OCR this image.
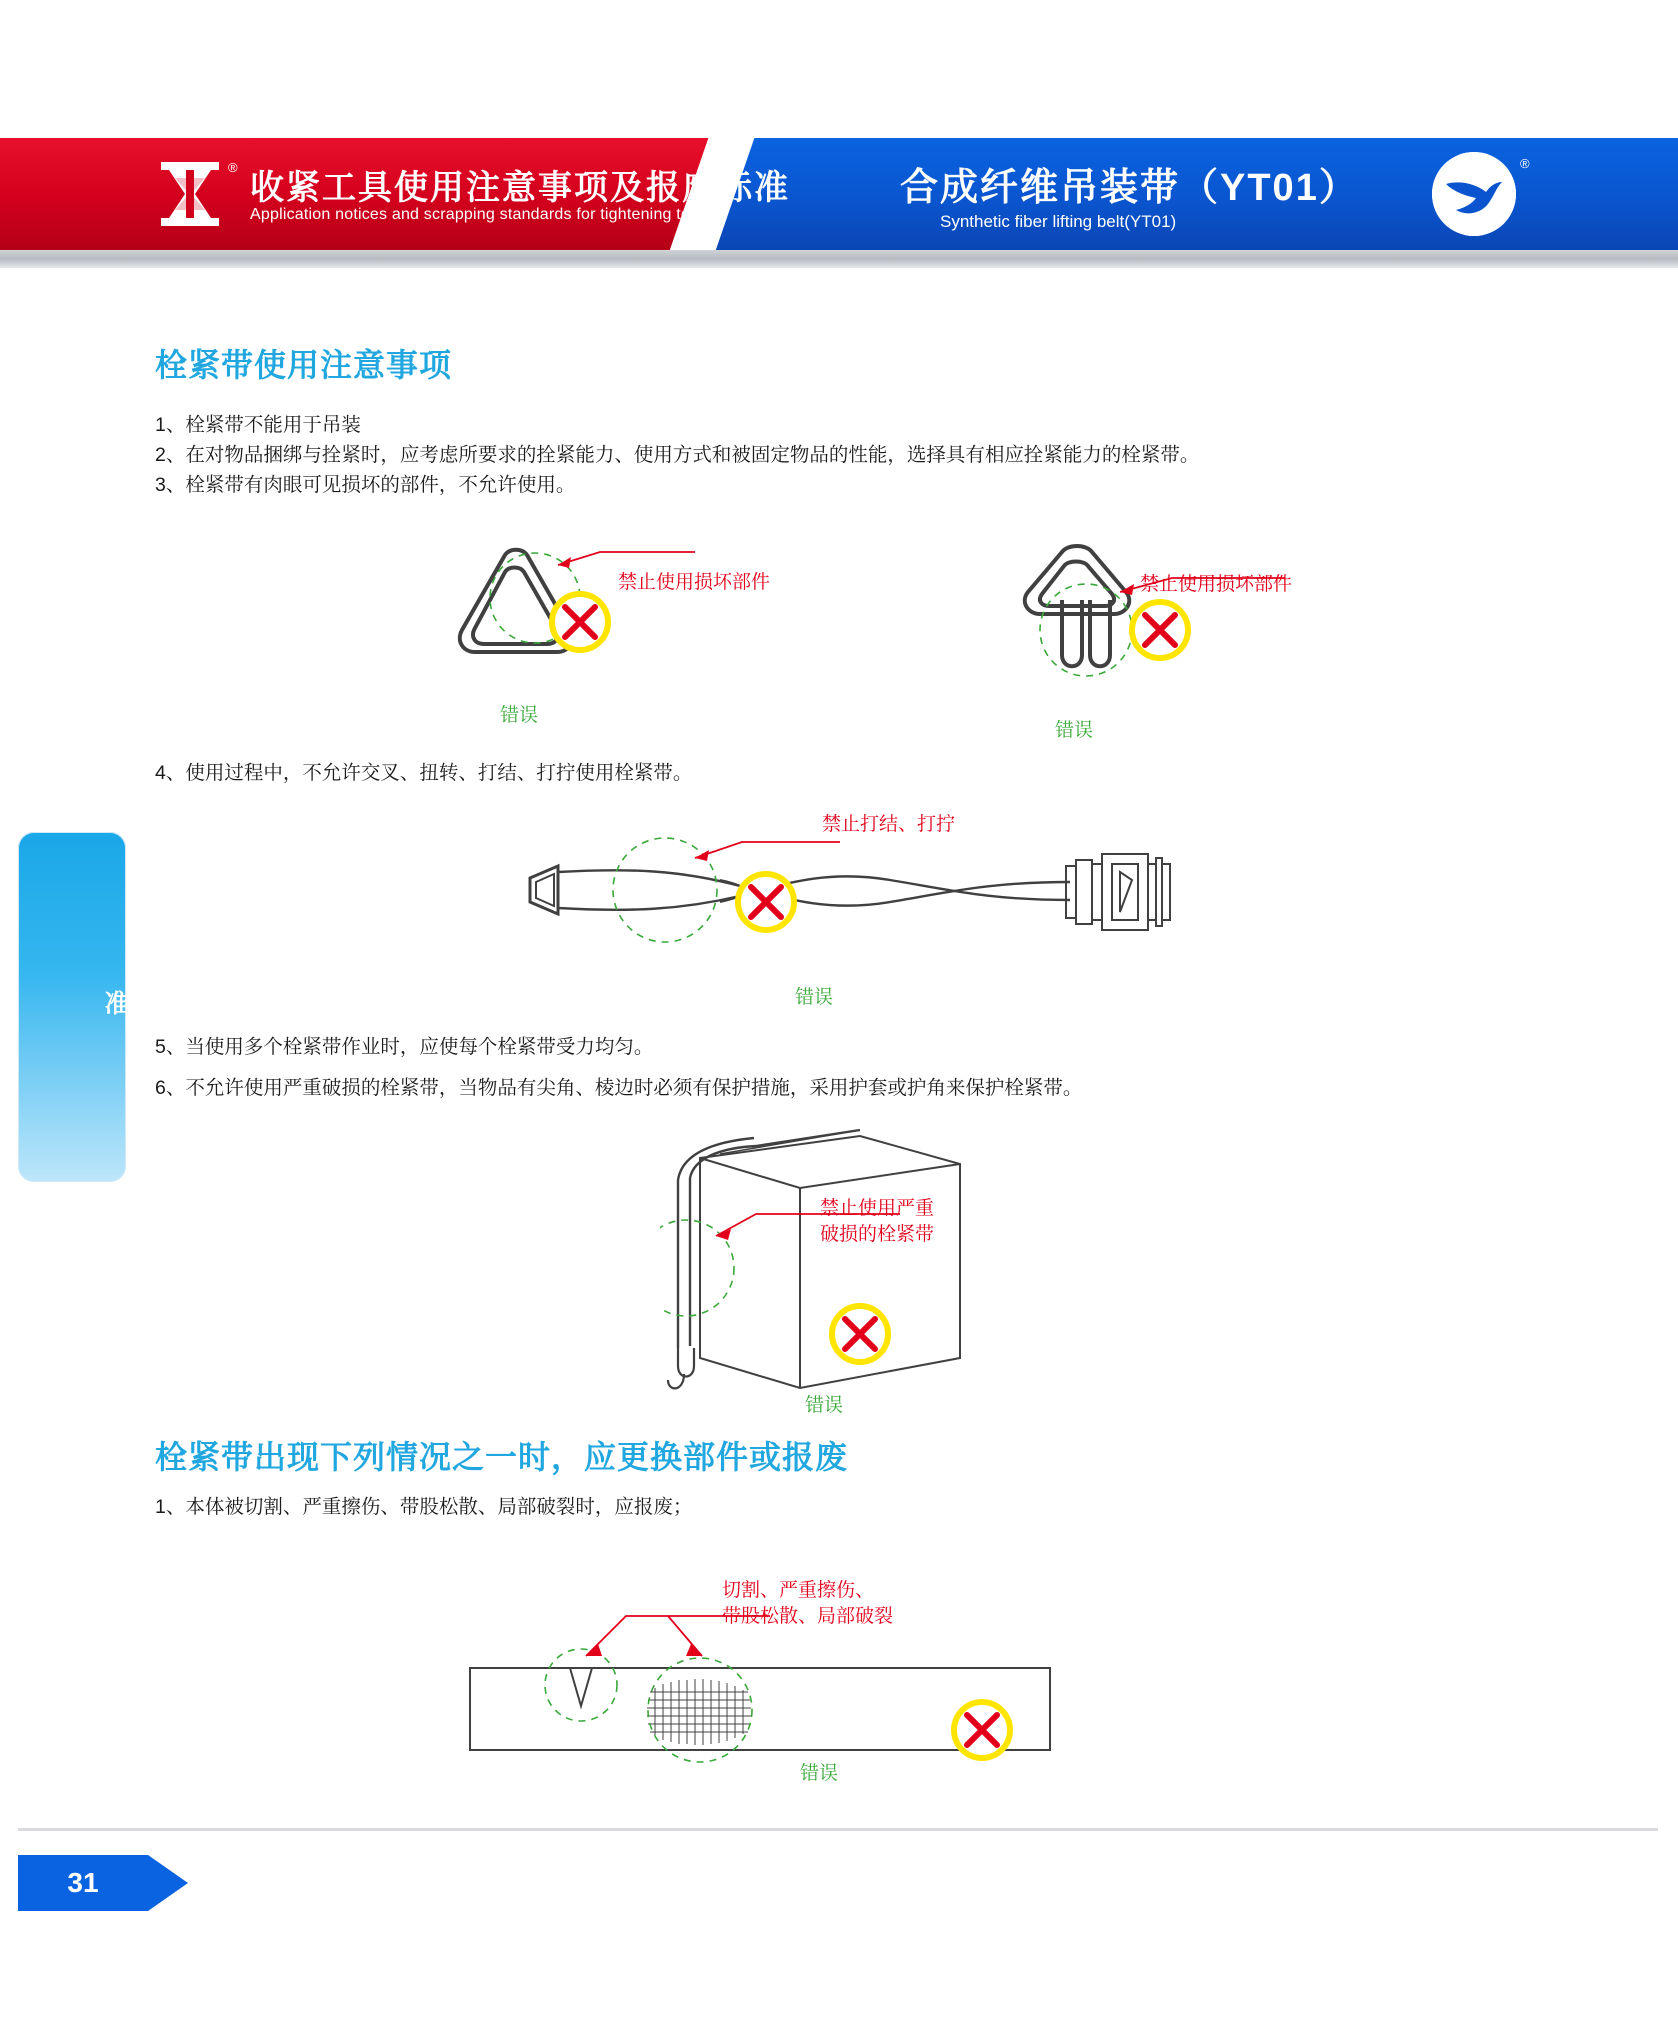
®
收紧工具使用注意事项及报废标准
Application notices and scrapping standards for tightening tool
合成纤维吊装带（YT01）
Synthetic fiber lifting belt(YT01)
®
使用注意事项及报废标准
栓紧带使用注意事项
1、栓紧带不能用于吊装
2、在对物品捆绑与拴紧时，应考虑所要求的拴紧能力、使用方式和被固定物品的性能，选择具有相应拴紧能力的栓紧带。
3、栓紧带有肉眼可见损坏的部件，不允许使用。
禁止使用损坏部件
错误
禁止使用损坏部件
错误
4、使用过程中，不允许交叉、扭转、打结、打拧使用栓紧带。
禁止打结、打拧
错误
5、当使用多个栓紧带作业时，应使每个栓紧带受力均匀。
6、不允许使用严重破损的栓紧带，当物品有尖角、棱边时必须有保护措施，采用护套或护角来保护栓紧带。
禁止使用严重
破损的栓紧带
错误
栓紧带出现下列情况之一时，应更换部件或报废
1、本体被切割、严重擦伤、带股松散、局部破裂时，应报废；
切割、严重擦伤、
带股松散、局部破裂
错误
31
